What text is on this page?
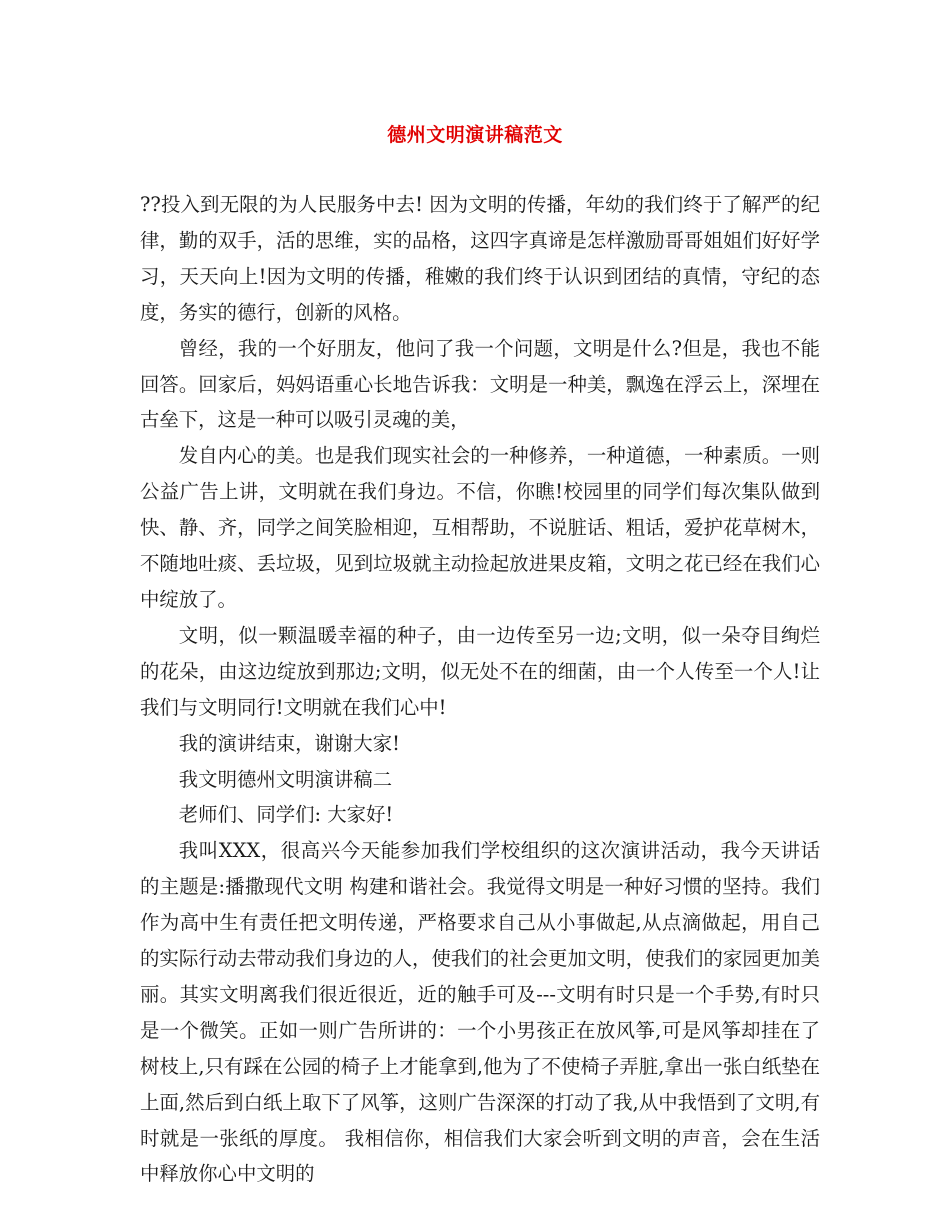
德州文明演讲稿范文

??投入到无限的为人民服务中去! 因为文明的传播，年幼的我们终于了解严的纪律，勤的双手，活的思维，实的品格，这四字真谛是怎样激励哥哥姐姐们好好学习，天天向上!因为文明的传播，稚嫩的我们终于认识到团结的真情，守纪的态度，务实的德行，创新的风格。

曾经，我的一个好朋友，他问了我一个问题，文明是什么?但是，我也不能回答。回家后，妈妈语重心长地告诉我：文明是一种美，飘逸在浮云上，深埋在古垒下，这是一种可以吸引灵魂的美，

发自内心的美。也是我们现实社会的一种修养，一种道德，一种素质。一则公益广告上讲，文明就在我们身边。不信，你瞧!校园里的同学们每次集队做到快、静、齐，同学之间笑脸相迎，互相帮助，不说脏话、粗话，爱护花草树木，不随地吐痰、丢垃圾，见到垃圾就主动捡起放进果皮箱，文明之花已经在我们心中绽放了。

文明，似一颗温暖幸福的种子，由一边传至另一边;文明，似一朵夺目绚烂的花朵，由这边绽放到那边;文明，似无处不在的细菌，由一个人传至一个人!让我们与文明同行!文明就在我们心中!

我的演讲结束，谢谢大家!

我文明德州文明演讲稿二

老师们、同学们: 大家好!

我叫XXX，很高兴今天能参加我们学校组织的这次演讲活动，我今天讲话的主题是:播撒现代文明 构建和谐社会。我觉得文明是一种好习惯的坚持。我们作为高中生有责任把文明传递，严格要求自己从小事做起,从点滴做起，用自己的实际行动去带动我们身边的人，使我们的社会更加文明，使我们的家园更加美丽。其实文明离我们很近很近，近的触手可及---文明有时只是一个手势,有时只是一个微笑。正如一则广告所讲的：一个小男孩正在放风筝,可是风筝却挂在了树枝上,只有踩在公园的椅子上才能拿到,他为了不使椅子弄脏,拿出一张白纸垫在上面,然后到白纸上取下了风筝，这则广告深深的打动了我,从中我悟到了文明,有时就是一张纸的厚度。 我相信你，相信我们大家会听到文明的声音，会在生活中释放你心中文明的
